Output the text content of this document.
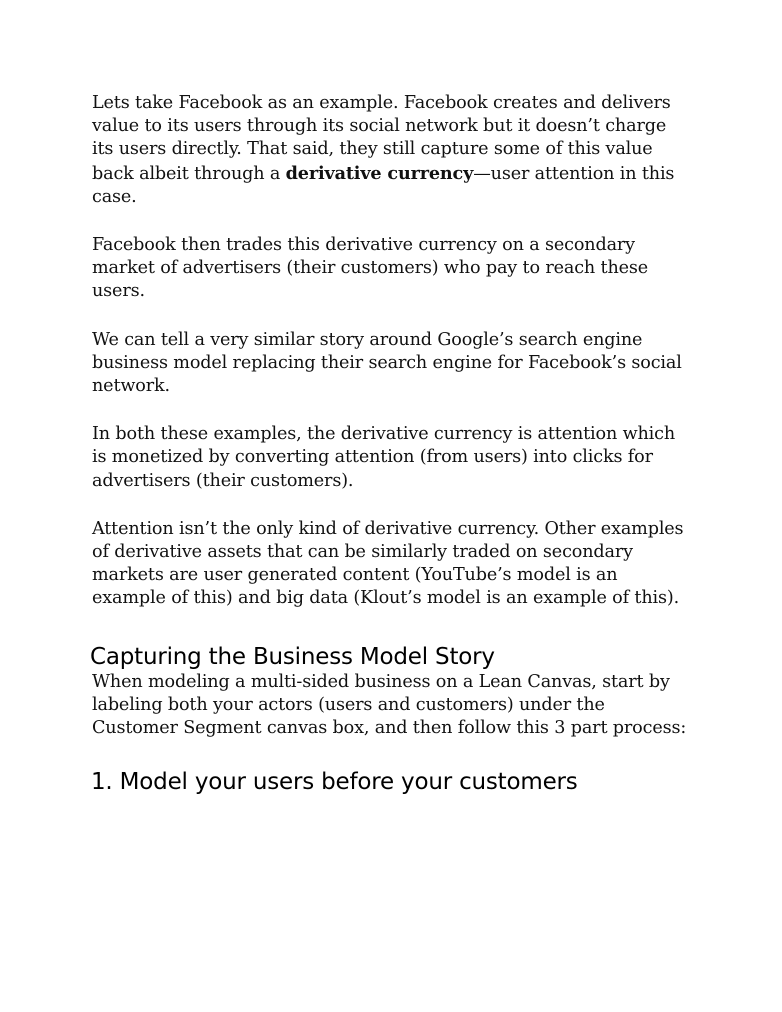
Lets take Facebook as an example. Facebook creates and delivers value to its users through its social network but it doesn’t charge its users directly. That said, they still capture some of this value back albeit through a derivative currency—user attention in this case.

Facebook then trades this derivative currency on a secondary market of advertisers (their customers) who pay to reach these users.

We can tell a very similar story around Google’s search engine business model replacing their search engine for Facebook’s social network.

In both these examples, the derivative currency is attention which is monetized by converting attention (from users) into clicks for advertisers (their customers).

Attention isn’t the only kind of derivative currency. Other examples of derivative assets that can be similarly traded on secondary markets are user generated content (YouTube’s model is an example of this) and big data (Klout’s model is an example of this).

Capturing the Business Model Story

When modeling a multi-sided business on a Lean Canvas, start by labeling both your actors (users and customers) under the Customer Segment canvas box, and then follow this 3 part process:

1. Model your users before your customers
